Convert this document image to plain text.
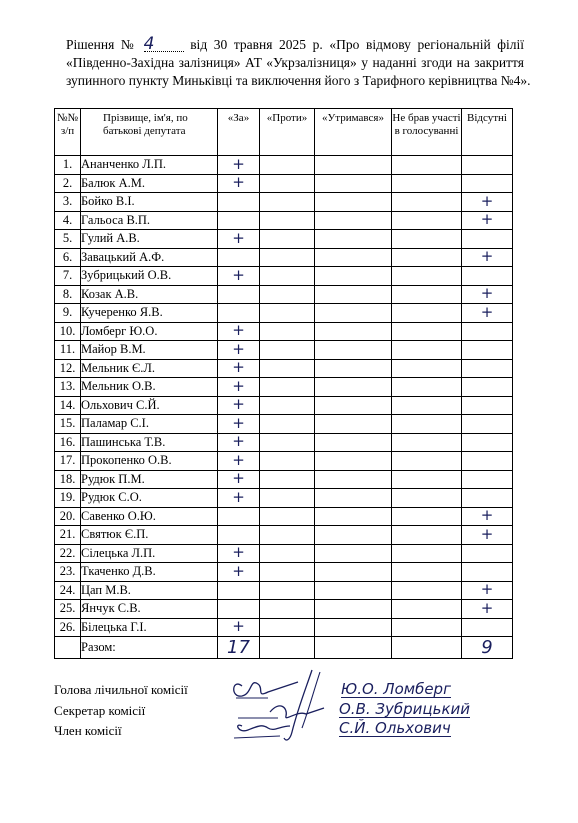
Рішення № 4	від 30 травня 2025 р. «Про відмову регіональній філії
«Південно-Західна залізниця» АТ «Укрзалізниця» у наданні згоди на закриття
зупинного пункту Миньківці та виключення його з Тарифного керівництва №4».
№№ з/п	Прізвище, ім'я, по батькові депутата	«За»	«Проти»	«Утримався»	Не брав участі в голосуванні	Відсутні
1.	Ананченко Л.П.	+				
2.	Балюк А.М.	+				
3.	Бойко В.І.					+
4.	Гальоса В.П.					+
5.	Гулий А.В.	+				
6.	Завацький А.Ф.					+
7.	Зубрицький О.В.	+				
8.	Козак А.В.					+
9.	Кучеренко Я.В.					+
10.	Ломберг Ю.О.	+				
11.	Майор В.М.	+				
12.	Мельник Є.Л.	+				
13.	Мельник О.В.	+				
14.	Ольхович С.Й.	+				
15.	Паламар С.І.	+				
16.	Пашинська Т.В.	+				
17.	Прокопенко О.В.	+				
18.	Рудюк П.М.	+				
19.	Рудюк С.О.	+				
20.	Савенко О.Ю.					+
21.	Святюк Є.П.					+
22.	Сілецька Л.П.	+				
23.	Ткаченко Д.В.	+				
24.	Цап М.В.					+
25.	Янчук С.В.					+
26.	Білецька Г.І.	+				
	Разом:	17				9
Голова лічильної комісії
Секретар комісії
Член комісії
Ю.О. Ломберг
О.В. Зубрицький
С.Й. Ольхович
